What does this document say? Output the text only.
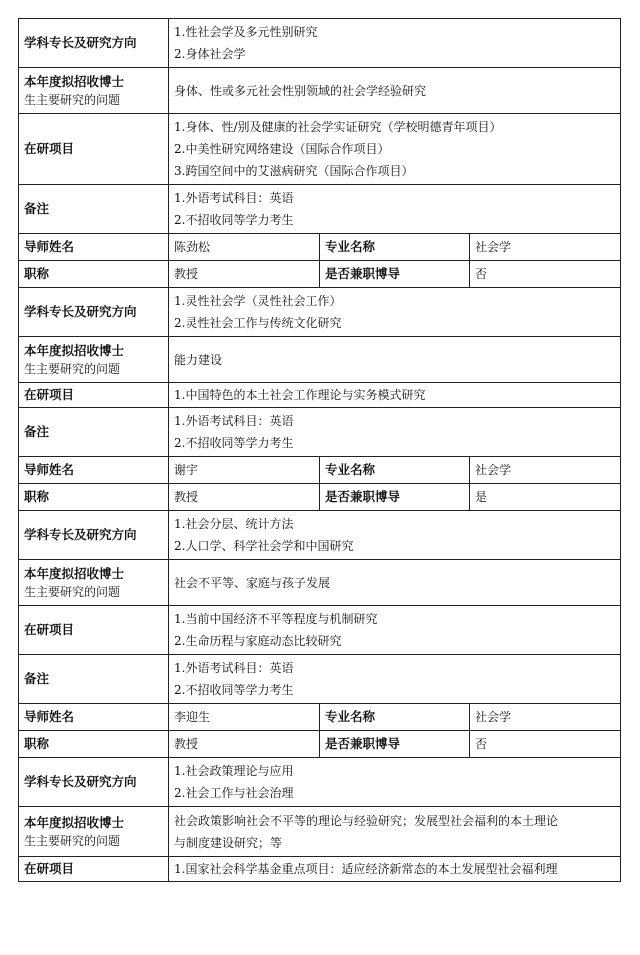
学科专长及研究方向	1.性社会学及多元性别研究
2.身体社会学		

本年度拟招收博士
生主要研究的问题	身体、性或多元社会性别领域的社会学经验研究		
在研项目	1.身体、性/别及健康的社会学实证研究（学校明德青年项目）
2.中美性研究网络建设（国际合作项目）
3.跨国空间中的艾滋病研究（国际合作项目）		

备注	1.外语考试科目：英语
2.不招收同等学力考生		

导师姓名	陈劲松	专业名称	社会学
职称	教授	是否兼职博导	否
学科专长及研究方向	1.灵性社会学（灵性社会工作）
2.灵性社会工作与传统文化研究		

本年度拟招收博士
生主要研究的问题	能力建设		
在研项目	1.中国特色的本土社会工作理论与实务模式研究		
备注	1.外语考试科目：英语
2.不招收同等学力考生		

导师姓名	谢宇	专业名称	社会学
职称	教授	是否兼职博导	是
学科专长及研究方向	1.社会分层、统计方法
2.人口学、科学社会学和中国研究		

本年度拟招收博士
生主要研究的问题	社会不平等、家庭与孩子发展		
在研项目	1.当前中国经济不平等程度与机制研究
2.生命历程与家庭动态比较研究		

备注	1.外语考试科目：英语
2.不招收同等学力考生		

导师姓名	李迎生	专业名称	社会学
职称	教授	是否兼职博导	否
学科专长及研究方向	1.社会政策理论与应用
2.社会工作与社会治理		

本年度拟招收博士
生主要研究的问题	社会政策影响社会不平等的理论与经验研究；发展型社会福利的本土理论
与制度建设研究；等		

在研项目	1.国家社会科学基金重点项目：适应经济新常态的本土发展型社会福利理		
